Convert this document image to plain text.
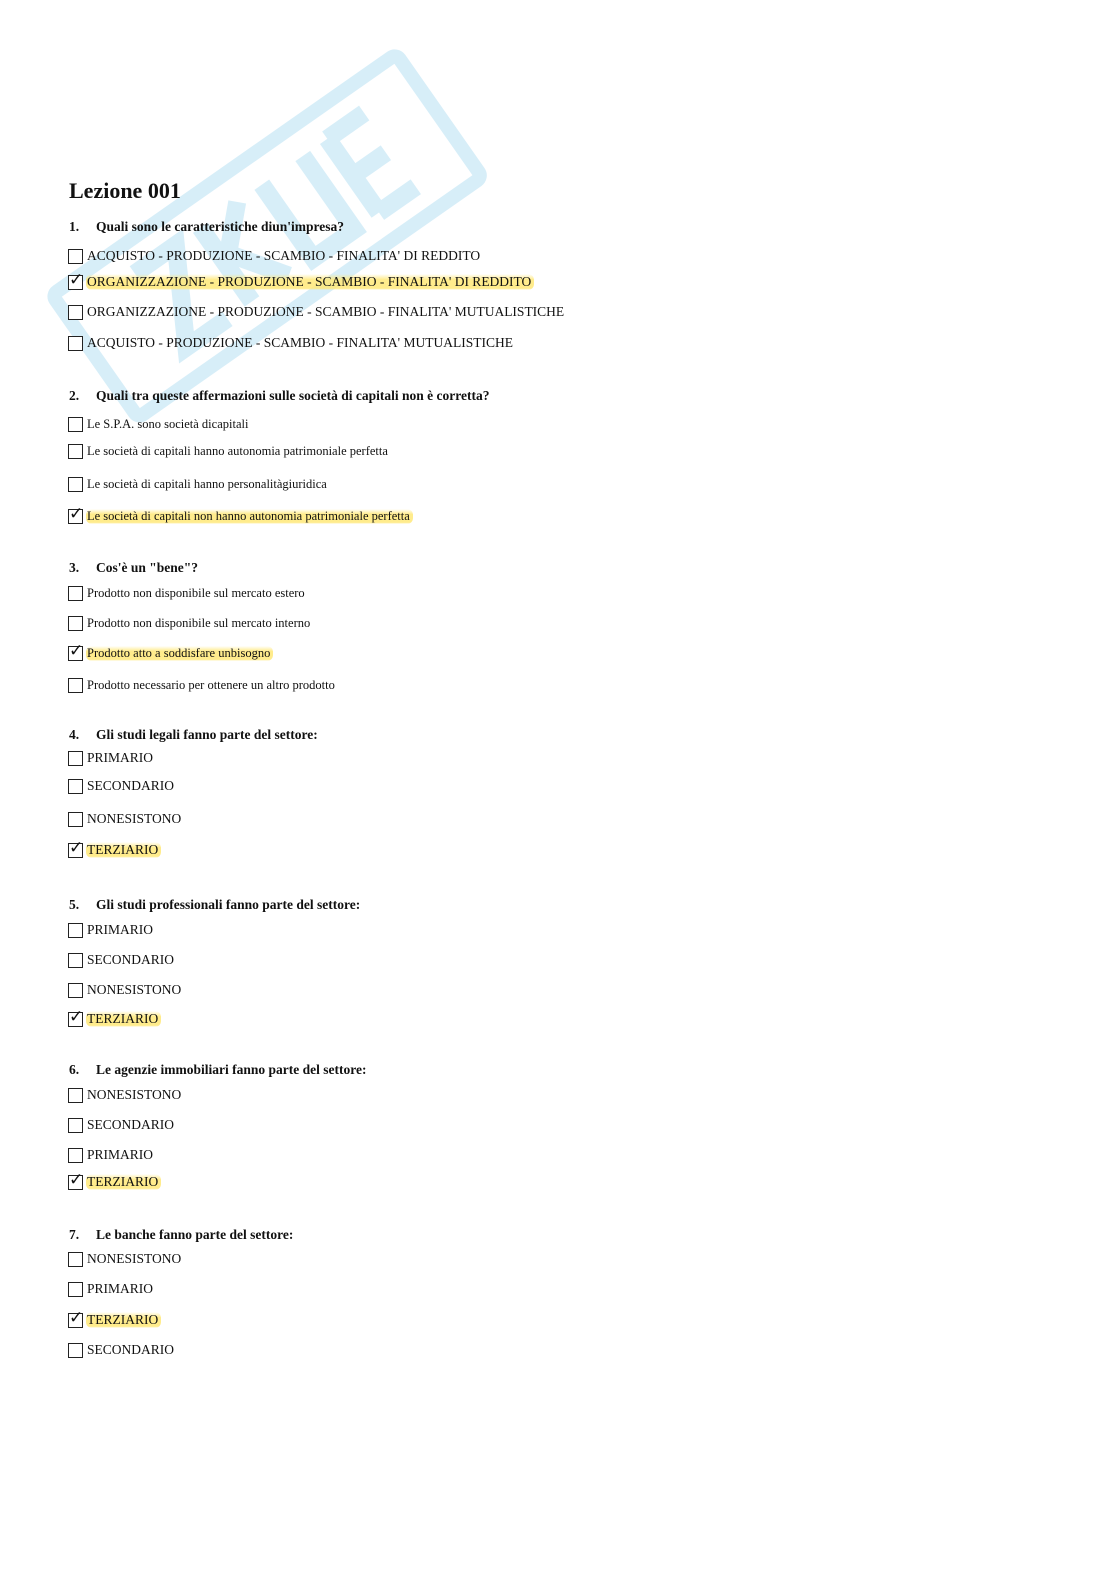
Lezione 001
1. Quali sono le caratteristiche diun'impresa?
ACQUISTO - PRODUZIONE - SCAMBIO - FINALITA' DI REDDITO
✓
ORGANIZZAZIONE - PRODUZIONE - SCAMBIO - FINALITA' DI REDDITO
ORGANIZZAZIONE - PRODUZIONE - SCAMBIO - FINALITA' MUTUALISTICHE
ACQUISTO - PRODUZIONE - SCAMBIO - FINALITA' MUTUALISTICHE
2. Quali tra queste affermazioni sulle società di capitali non è corretta?
Le S.P.A. sono società dicapitali
Le società di capitali hanno autonomia patrimoniale perfetta
Le società di capitali hanno personalitàgiuridica
✓
Le società di capitali non hanno autonomia patrimoniale perfetta
3. Cos'è un "bene"?
Prodotto non disponibile sul mercato estero
Prodotto non disponibile sul mercato interno
✓
Prodotto atto a soddisfare unbisogno
Prodotto necessario per ottenere un altro prodotto
4. Gli studi legali fanno parte del settore:
PRIMARIO
SECONDARIO
NONESISTONO
✓
TERZIARIO
5. Gli studi professionali fanno parte del settore:
PRIMARIO
SECONDARIO
NONESISTONO
✓
TERZIARIO
6. Le agenzie immobiliari fanno parte del settore:
NONESISTONO
SECONDARIO
PRIMARIO
✓
TERZIARIO
7. Le banche fanno parte del settore:
NONESISTONO
PRIMARIO
✓
TERZIARIO
SECONDARIO
